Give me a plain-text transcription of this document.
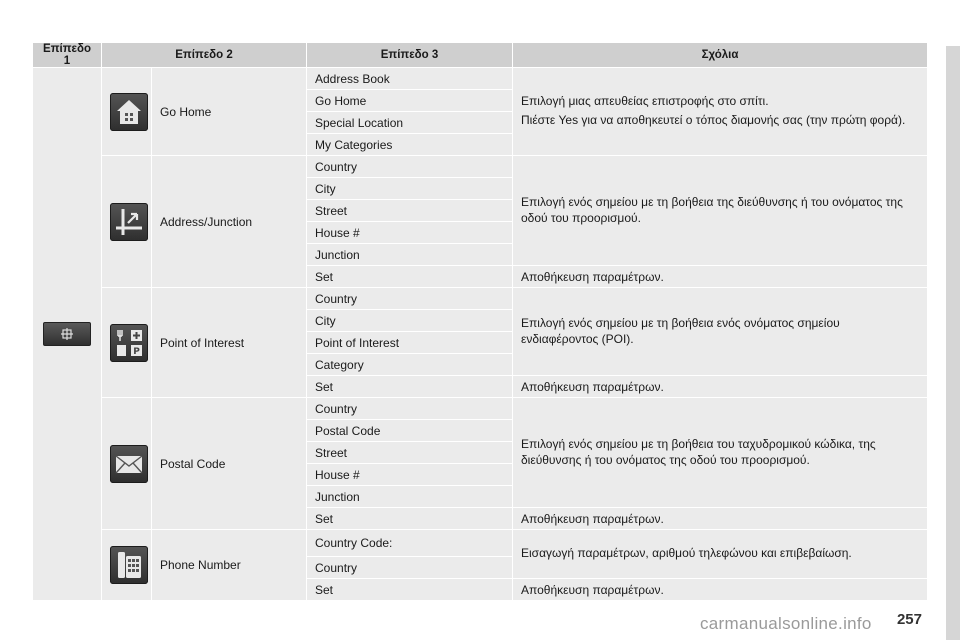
Επίπεδο 1	Επίπεδο 2		Επίπεδο 3	Σχόλια

	Go Home	Address Book	Επιλογή μιας απευθείας επιστροφής στο σπίτι.

Πιέστε Yes για να αποθηκευτεί ο τόπος διαμονής σας (την πρώτη φορά).

			Go Home	
			Special Location	
			My Categories	

	Address/Junction	Country	Επιλογή ενός σημείου με τη βοήθεια της διεύθυνσης ή του ονόματος της οδού του προορισμού.

			City	
			Street	
			House #	
			Junction	
			Set	Αποθήκευση παραμέτρων.

P	Point of Interest	Country	Επιλογή ενός σημείου με τη βοήθεια ενός ονόματος σημείου ενδιαφέροντος (POI).

			City	
			Point of Interest	
			Category	
			Set	Αποθήκευση παραμέτρων.

	Postal Code	Country	Επιλογή ενός σημείου με τη βοήθεια του ταχυδρομικού κώδικα, της διεύθυνσης ή του ονόματος της οδού του προορισμού.

			Postal Code	
			Street	
			House #	
			Junction	
			Set	Αποθήκευση παραμέτρων.

	Phone Number	Country Code:	Εισαγωγή παραμέτρων, αριθμού τηλεφώνου και επιβεβαίωση.

			Country	
			Set	Αποθήκευση παραμέτρων.
257
carmanualsonline.info
